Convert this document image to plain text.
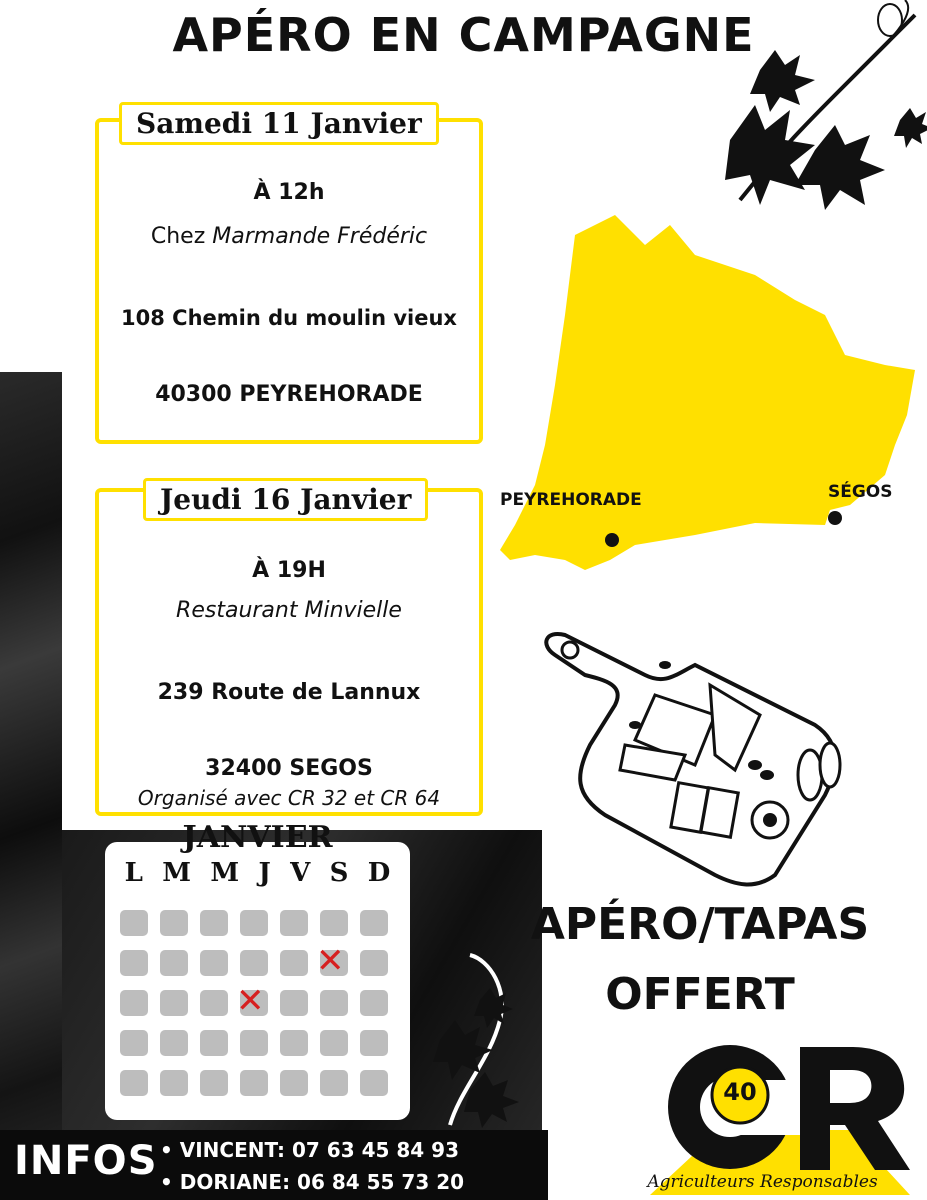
APÉRO EN CAMPAGNE
Samedi 11 Janvier
À 12h
Chez Marmande Frédéric
108 Chemin du moulin vieux
40300 PEYREHORADE
Jeudi 16 Janvier
À 19H
Restaurant Minvielle
239 Route de Lannux
32400 SEGOS
Organisé avec CR 32 et CR 64
PEYREHORADE	SÉGOS
JANVIER
L M M J V S D
✕
✕
APÉRO/TAPAS
OFFERT
40
Agriculteurs Responsables
INFOS • VINCENT: 07 63 45 84 93
• DORIANE: 06 84 55 73 20
